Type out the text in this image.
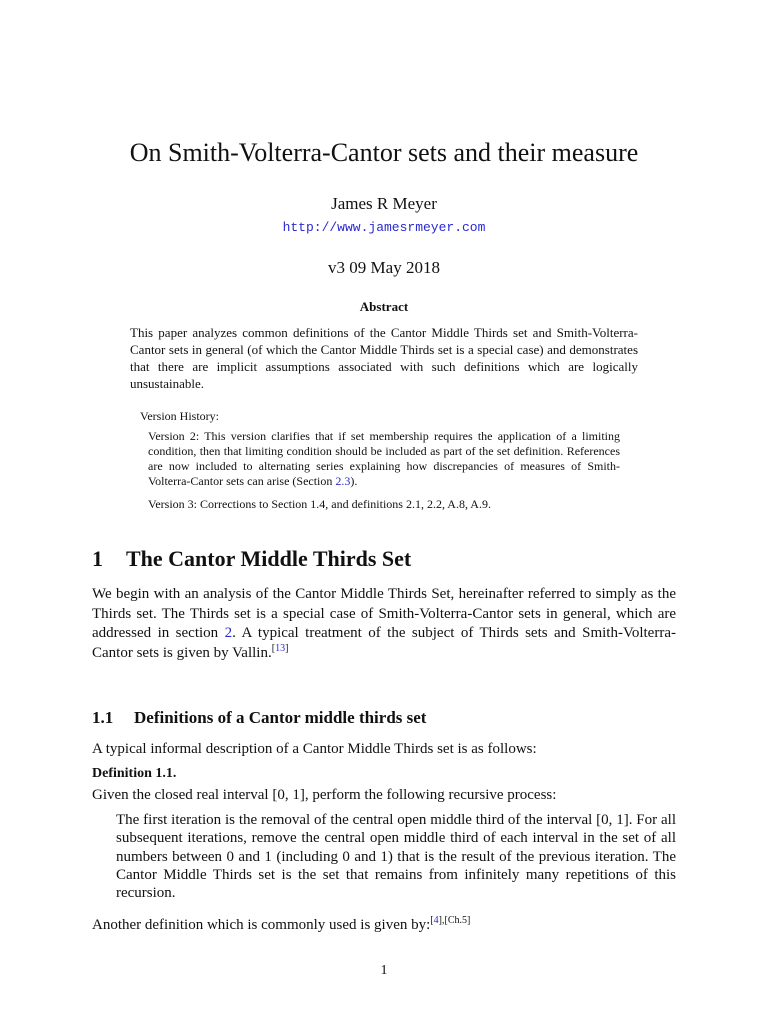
On Smith-Volterra-Cantor sets and their measure
James R Meyer
http://www.jamesrmeyer.com
v3 09 May 2018
Abstract
This paper analyzes common definitions of the Cantor Middle Thirds set and Smith-Volterra-Cantor sets in general (of which the Cantor Middle Thirds set is a special case) and demonstrates that there are implicit assumptions associated with such definitions which are logically unsustainable.
Version History:
Version 2: This version clarifies that if set membership requires the application of a limiting condition, then that limiting condition should be included as part of the set definition. References are now included to alternating series explaining how discrepancies of measures of Smith-Volterra-Cantor sets can arise (Section 2.3).
Version 3: Corrections to Section 1.4, and definitions 2.1, 2.2, A.8, A.9.
1 The Cantor Middle Thirds Set
We begin with an analysis of the Cantor Middle Thirds Set, hereinafter referred to simply as the Thirds set. The Thirds set is a special case of Smith-Volterra-Cantor sets in general, which are addressed in section 2. A typical treatment of the subject of Thirds sets and Smith-Volterra-Cantor sets is given by Vallin.[13]
1.1 Definitions of a Cantor middle thirds set
A typical informal description of a Cantor Middle Thirds set is as follows:
Definition 1.1.
Given the closed real interval [0, 1], perform the following recursive process:
The first iteration is the removal of the central open middle third of the interval [0, 1]. For all subsequent iterations, remove the central open middle third of each interval in the set of all numbers between 0 and 1 (including 0 and 1) that is the result of the previous iteration. The Cantor Middle Thirds set is the set that remains from infinitely many repetitions of this recursion.
Another definition which is commonly used is given by:[4],[Ch.5]
1
